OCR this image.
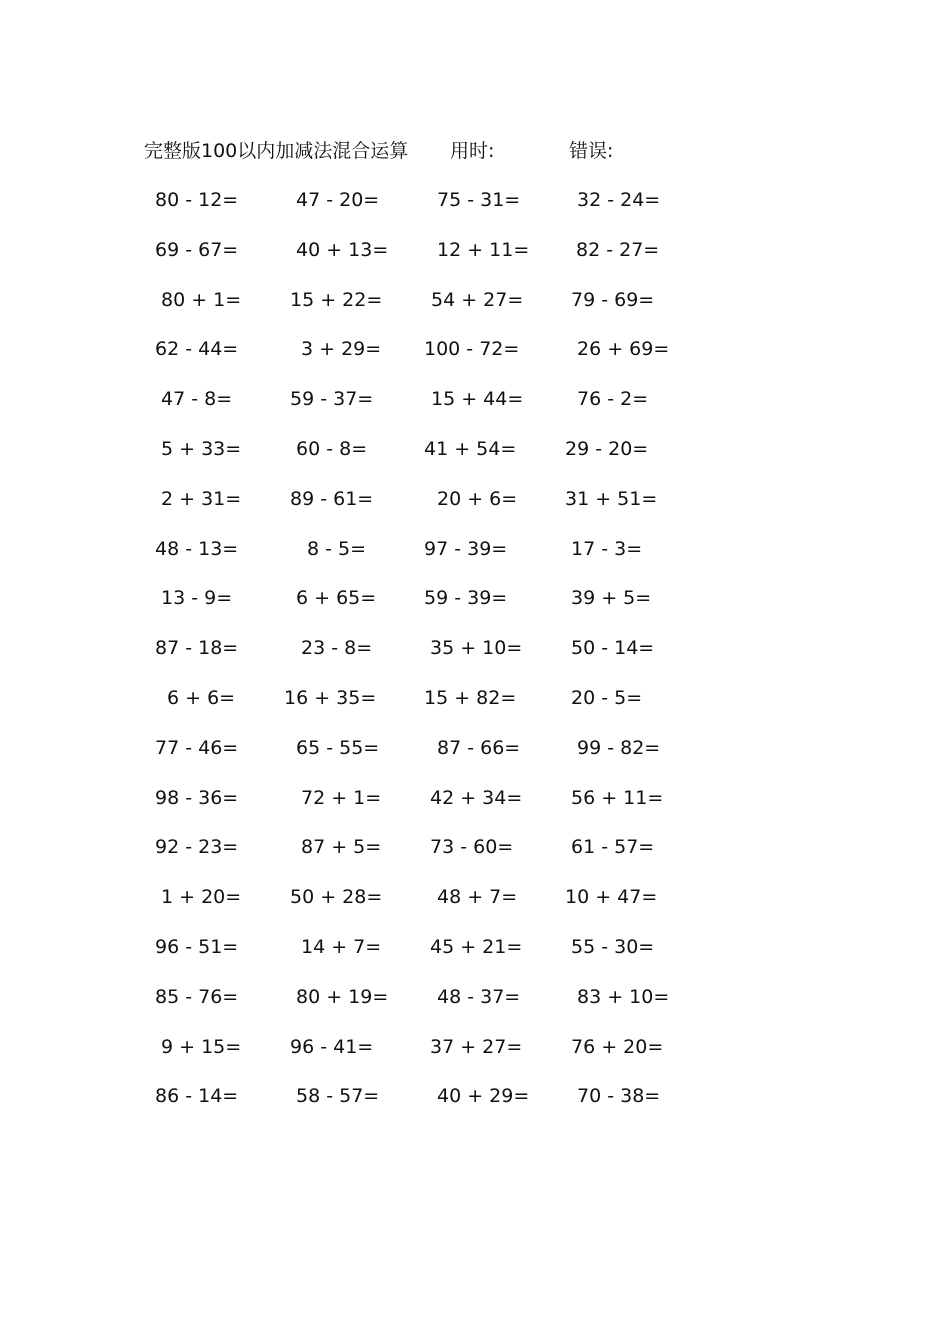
完整版100以内加减法混合运算 用时:	错误:
80 - 12=	47 - 20=	75 - 31=	32 - 24=
69 - 67=	40 + 13=	12 + 11=	82 - 27=
80 + 1=	15 + 22=	54 + 27=	79 - 69=
62 - 44=	3 + 29=	100 - 72=	26 + 69=
47 - 8=	59 - 37=	15 + 44=	76 - 2=
5 + 33=	60 - 8=	41 + 54=	29 - 20=
2 + 31=	89 - 61=	20 + 6=	31 + 51=
48 - 13=	8 - 5=	97 - 39=	17 - 3=
13 - 9=	6 + 65=	59 - 39=	39 + 5=
87 - 18=	23 - 8=	35 + 10=	50 - 14=
6 + 6=	16 + 35=	15 + 82=	20 - 5=
77 - 46=	65 - 55=	87 - 66=	99 - 82=
98 - 36=	72 + 1=	42 + 34=	56 + 11=
92 - 23=	87 + 5=	73 - 60=	61 - 57=
1 + 20=	50 + 28=	48 + 7=	10 + 47=
96 - 51=	14 + 7=	45 + 21=	55 - 30=
85 - 76=	80 + 19=	48 - 37=	83 + 10=
9 + 15=	96 - 41=	37 + 27=	76 + 20=
86 - 14=	58 - 57=	40 + 29=	70 - 38=
